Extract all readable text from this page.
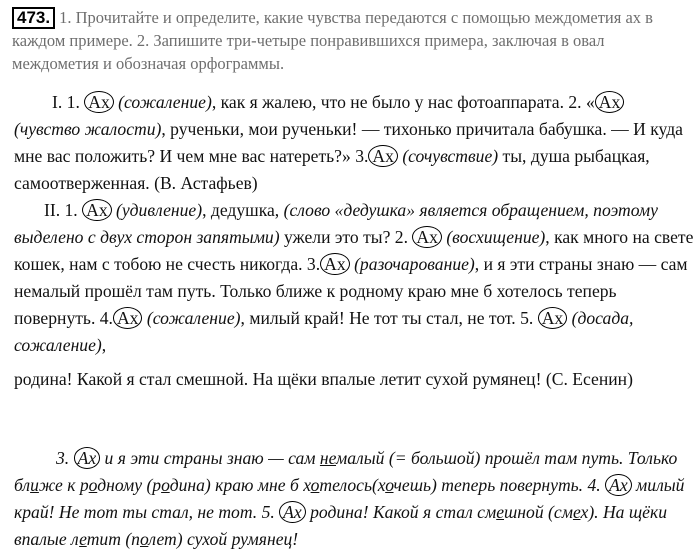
473. 1. Прочитайте и определите, какие чувства передаются с помощью междометия ах в каждом примере. 2. Запишите три-четыре понравившихся примера, заключая в овал междометия и обозначая орфограммы.
I. 1. Ax (сожаление), как я жалею, что не было у нас фотоаппарата. 2. « Ax (чувство жалости), рученьки, мои рученьки! — тихонько причитала бабушка. — И куда мне вас положить? И чем мне вас натереть?» 3. Ax (сочувствие) ты, душа рыбацкая, самоотверженная. (В. Астафьев)
II. 1. Ax (удивление), дедушка, (слово «дедушка» является обращением, поэтому выделено с двух сторон запятыми) ужели это ты? 2. Ax (восхищение), как много на свете кошек, нам с тобою не счесть никогда. 3. Ax (разочарование), и я эти страны знаю — сам немалый прошёл там путь. Только ближе к родному краю мне б хотелось теперь повернуть. 4. Ax (сожаление), милый край! Не тот ты стал, не тот. 5. Ax (досада, сожаление),
родина! Какой я стал смешной. На щёки впалые летит сухой румянец! (С. Есенин)
3. Ах и я эти страны знаю — сам немалый (= большой) прошёл там путь. Только ближе к родному (родина) краю мне б хотелось(хочешь) теперь повернуть. 4. Ах милый край! Не тот ты стал, не тот. 5. Ах родина! Какой я стал смешной (смех). На щёки впалые летит (полет) сухой румянец!
